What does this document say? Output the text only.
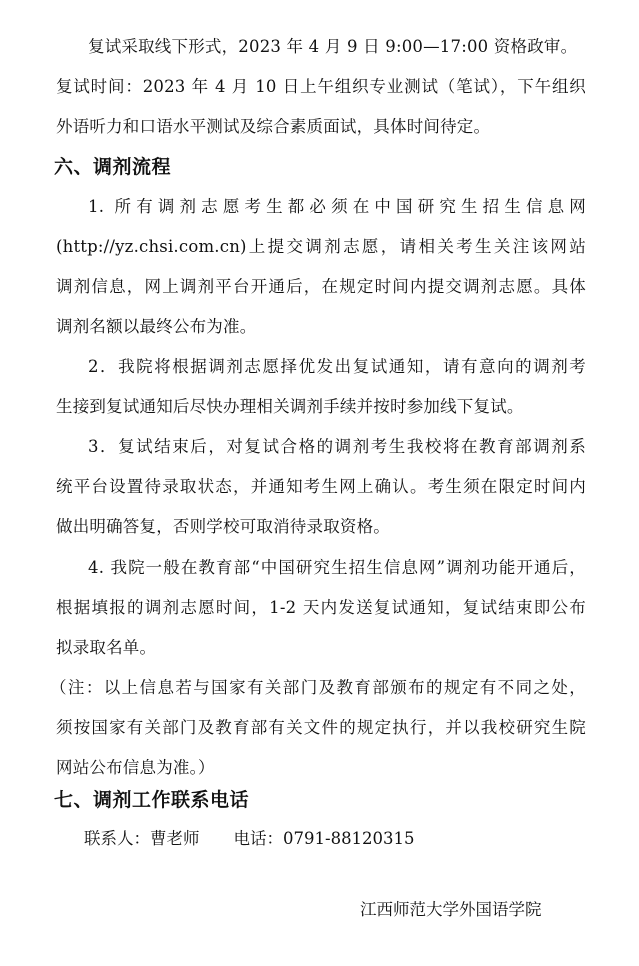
复试采取线下形式，2023 年 4 月 9 日 9:00—17:00 资格政审。
复试时间：2023 年 4 月 10 日上午组织专业测试（笔试），下午组织
外语听力和口语水平测试及综合素质面试，具体时间待定。
六、调剂流程
1. 所有调剂志愿考生都必须在中国研究生招生信息网
(http://yz.chsi.com.cn)上提交调剂志愿，请相关考生关注该网站
调剂信息，网上调剂平台开通后，在规定时间内提交调剂志愿。具体
调剂名额以最终公布为准。
2．我院将根据调剂志愿择优发出复试通知，请有意向的调剂考
生接到复试通知后尽快办理相关调剂手续并按时参加线下复试。
3．复试结束后，对复试合格的调剂考生我校将在教育部调剂系
统平台设置待录取状态，并通知考生网上确认。考生须在限定时间内
做出明确答复，否则学校可取消待录取资格。
4. 我院一般在教育部“中国研究生招生信息网”调剂功能开通后，
根据填报的调剂志愿时间，1-2 天内发送复试通知，复试结束即公布
拟录取名单。
（注：以上信息若与国家有关部门及教育部颁布的规定有不同之处，
须按国家有关部门及教育部有关文件的规定执行，并以我校研究生院
网站公布信息为准。）
七、调剂工作联系电话
联系人：曹老师 电话：0791-88120315
江西师范大学外国语学院
